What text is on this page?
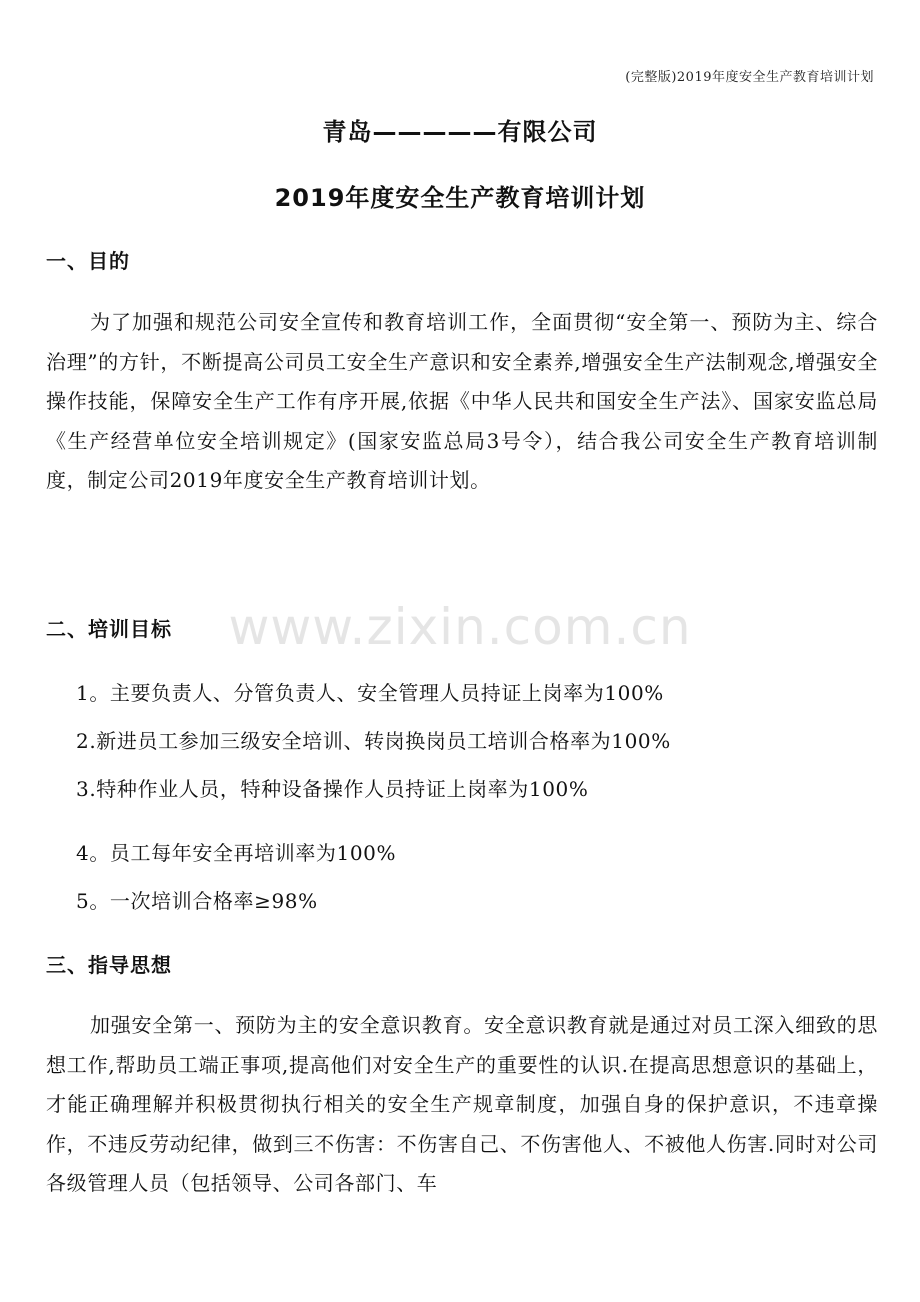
(完整版)2019年度安全生产教育培训计划
青岛—————有限公司
2019年度安全生产教育培训计划
一、目的

为了加强和规范公司安全宣传和教育培训工作，全面贯彻“安全第一、预防为主、综合治理”的方针，不断提高公司员工安全生产意识和安全素养,增强安全生产法制观念,增强安全操作技能，保障安全生产工作有序开展,依据《中华人民共和国安全生产法》、国家安监总局《生产经营单位安全培训规定》(国家安监总局3号令），结合我公司安全生产教育培训制度，制定公司2019年度安全生产教育培训计划。

www.zixin.com.cn
二、培训目标
1。主要负责人、分管负责人、安全管理人员持证上岗率为100%
2.新进员工参加三级安全培训、转岗换岗员工培训合格率为100%
3.特种作业人员，特种设备操作人员持证上岗率为100%
4。员工每年安全再培训率为100%
5。一次培训合格率≥98%
三、指导思想

加强安全第一、预防为主的安全意识教育。安全意识教育就是通过对员工深入细致的思想工作,帮助员工端正事项,提高他们对安全生产的重要性的认识.在提高思想意识的基础上，才能正确理解并积极贯彻执行相关的安全生产规章制度，加强自身的保护意识，不违章操作，不违反劳动纪律，做到三不伤害：不伤害自己、不伤害他人、不被他人伤害.同时对公司各级管理人员（包括领导、公司各部门、车
